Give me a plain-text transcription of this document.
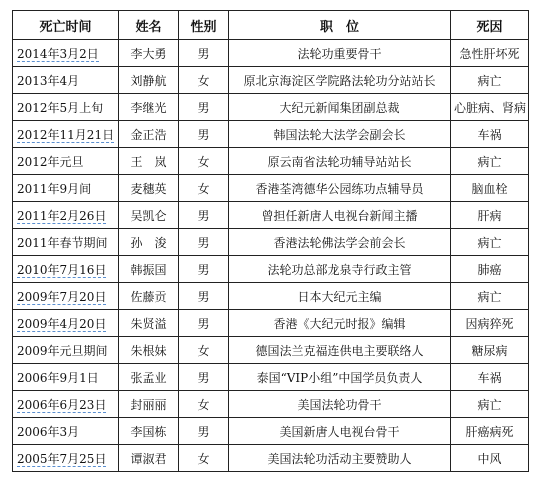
死亡时间	姓名	性别	职　位	死因
2014年3月2日	李大勇	男	法轮功重要骨干	急性肝坏死
2013年4月	刘静航	女	原北京海淀区学院路法轮功分站站长	病亡
2012年5月上旬	李继光	男	大纪元新闻集团副总裁	心脏病、肾病
2012年11月21日	金正浩	男	韩国法轮大法学会副会长	车祸
2012年元旦	王　岚	女	原云南省法轮功辅导站站长	病亡
2011年9月间	麦穗英	女	香港荃湾德华公园练功点辅导员	脑血栓
2011年2月26日	吴凯仑	男	曾担任新唐人电视台新闻主播	肝病
2011年春节期间	孙　浚	男	香港法轮佛法学会前会长	病亡
2010年7月16日	韩振国	男	法轮功总部龙泉寺行政主管	肺癌
2009年7月20日	佐藤贡	男	日本大纪元主编	病亡
2009年4月20日	朱贤溢	男	香港《大纪元时报》编辑	因病猝死
2009年元旦期间	朱根妹	女	德国法兰克福连供电主要联络人	糖尿病
2006年9月1日	张孟业	男	泰国“VIP小组”中国学员负责人	车祸
2006年6月23日	封丽丽	女	美国法轮功骨干	病亡
2006年3月	李国栋	男	美国新唐人电视台骨干	肝癌病死
2005年7月25日	谭淑君	女	美国法轮功活动主要赞助人	中风
